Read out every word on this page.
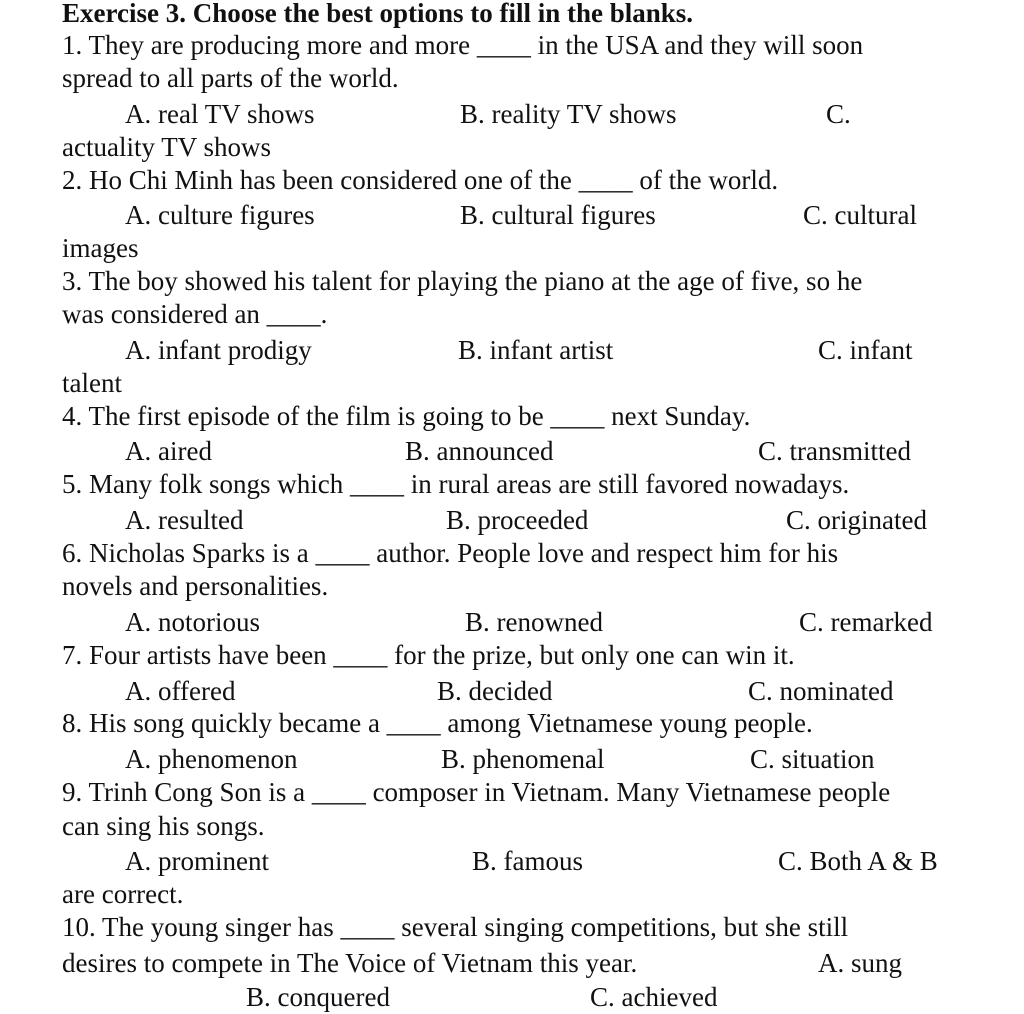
Exercise 3. Choose the best options to fill in the blanks.
1. They are producing more and more ____ in the USA and they will soon
spread to all parts of the world.
A. real TV shows	B. reality TV shows	C.
actuality TV shows
2. Ho Chi Minh has been considered one of the ____ of the world.
A. culture figures	B. cultural figures	C. cultural
images
3. The boy showed his talent for playing the piano at the age of five, so he
was considered an ____.
A. infant prodigy	B. infant artist	C. infant
talent
4. The first episode of the film is going to be ____ next Sunday.
A. aired	B. announced	C. transmitted
5. Many folk songs which ____ in rural areas are still favored nowadays.
A. resulted	B. proceeded	C. originated
6. Nicholas Sparks is a ____ author. People love and respect him for his
novels and personalities.
A. notorious	B. renowned	C. remarked
7. Four artists have been ____ for the prize, but only one can win it.
A. offered	B. decided	C. nominated
8. His song quickly became a ____ among Vietnamese young people.
A. phenomenon	B. phenomenal	C. situation
9. Trinh Cong Son is a ____ composer in Vietnam. Many Vietnamese people
can sing his songs.
A. prominent	B. famous	C. Both A & B
are correct.
10. The young singer has ____ several singing competitions, but she still
desires to compete in The Voice of Vietnam this year.	A. sung
B. conquered	C. achieved
